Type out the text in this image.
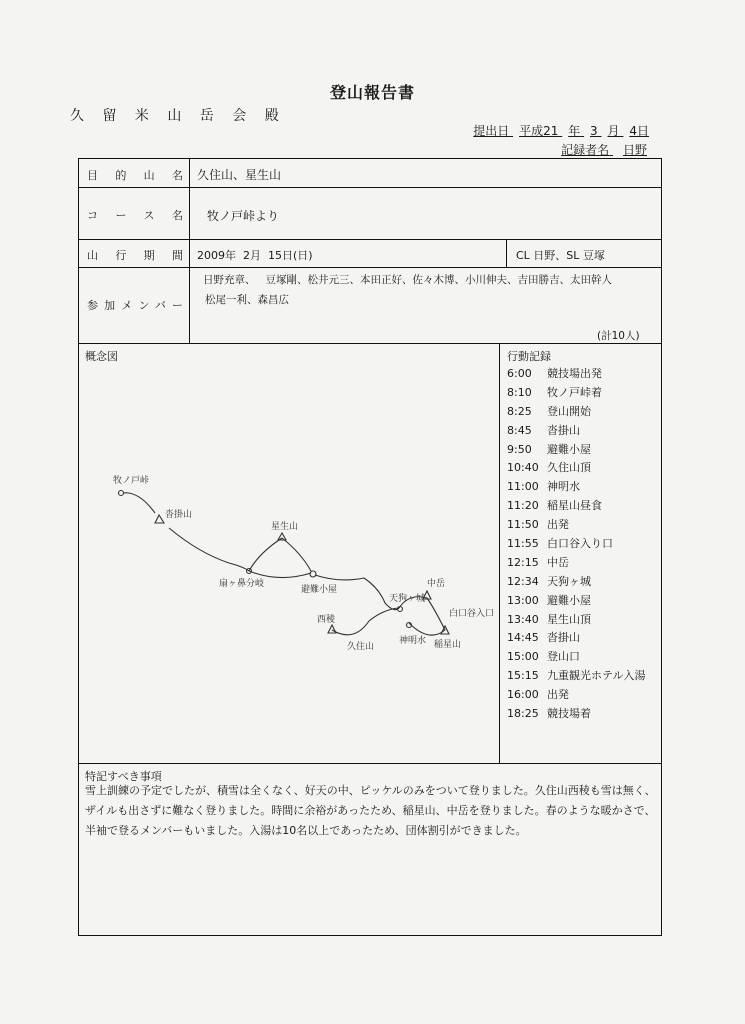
登山報告書
久 留 米 山 岳 会 殿
提出日 平成21 年 3 月 4日
記録者名 日野
目的山名 久住山、星生山
コース名 牧ノ戸峠より
山行期間 2009年  2月  15日(日)	CL 日野、SL 豆塚
参加メンバー
日野充章、   豆塚剛、松井元三、本田正好、佐々木博、小川伸夫、吉田勝吉、太田幹人
松尾一利、森昌広
(計10人)
概念図
牧ノ戸峠
沓掛山
星生山
扇ヶ鼻分岐
避難小屋
西稜
久住山
天狗ヶ城
中岳
神明水
白口谷入口
稲星山
行動記録
6:00 競技場出発
8:10 牧ノ戸峠着
8:25 登山開始
8:45 沓掛山
9:50 避難小屋
10:40 久住山頂
11:00 神明水
11:20 稲星山昼食
11:50 出発
11:55 白口谷入り口
12:15 中岳
12:34 天狗ヶ城
13:00 避難小屋
13:40 星生山頂
14:45 沓掛山
15:00 登山口
15:15 九重観光ホテル入湯
16:00 出発
18:25 競技場着
特記すべき事項
雪上訓練の予定でしたが、積雪は全くなく、好天の中、ピッケルのみをついて登りました。久住山西稜も雪は無く、ザイルも出さずに難なく登りました。時間に余裕があったため、稲星山、中岳を登りました。春のような暖かさで、半袖で登るメンバーもいました。入湯は10名以上であったため、団体割引ができました。
